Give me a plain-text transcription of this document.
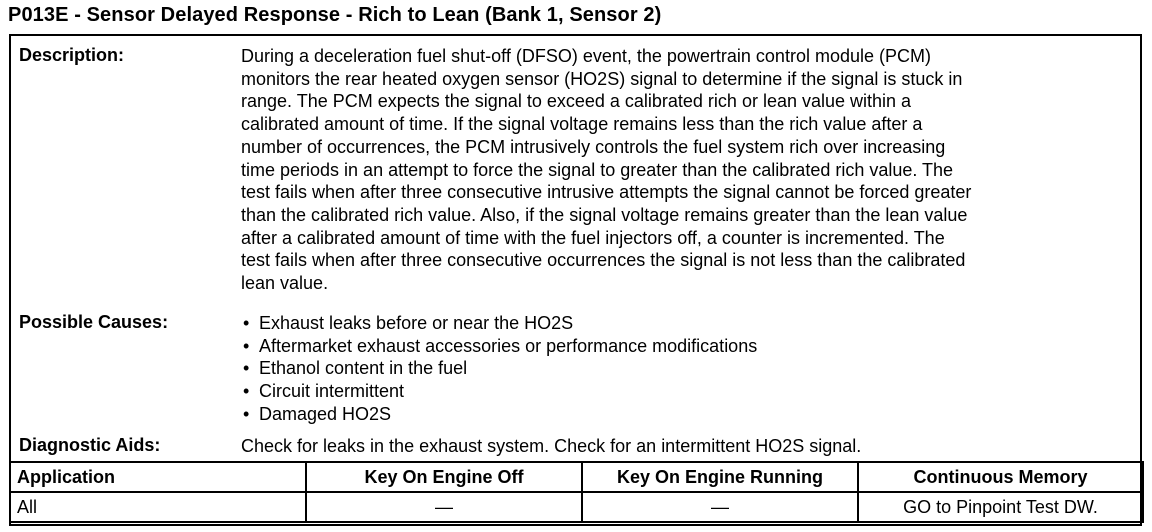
P013E - Sensor Delayed Response - Rich to Lean (Bank 1, Sensor 2)
Description:	During a deceleration fuel shut-off (DFSO) event, the powertrain control module (PCM)
monitors the rear heated oxygen sensor (HO2S) signal to determine if the signal is stuck in
range. The PCM expects the signal to exceed a calibrated rich or lean value within a
calibrated amount of time. If the signal voltage remains less than the rich value after a
number of occurrences, the PCM intrusively controls the fuel system rich over increasing
time periods in an attempt to force the signal to greater than the calibrated rich value. The
test fails when after three consecutive intrusive attempts the signal cannot be forced greater
than the calibrated rich value. Also, if the signal voltage remains greater than the lean value
after a calibrated amount of time with the fuel injectors off, a counter is incremented. The
test fails when after three consecutive occurrences the signal is not less than the calibrated
lean value.
Possible Causes:	• Exhaust leaks before or near the HO2S
• Aftermarket exhaust accessories or performance modifications
• Ethanol content in the fuel
• Circuit intermittent
• Damaged HO2S
Diagnostic Aids:	Check for leaks in the exhaust system. Check for an intermittent HO2S signal.
Application	Key On Engine Off	Key On Engine Running	Continuous Memory
All	—	—	GO to Pinpoint Test DW.
